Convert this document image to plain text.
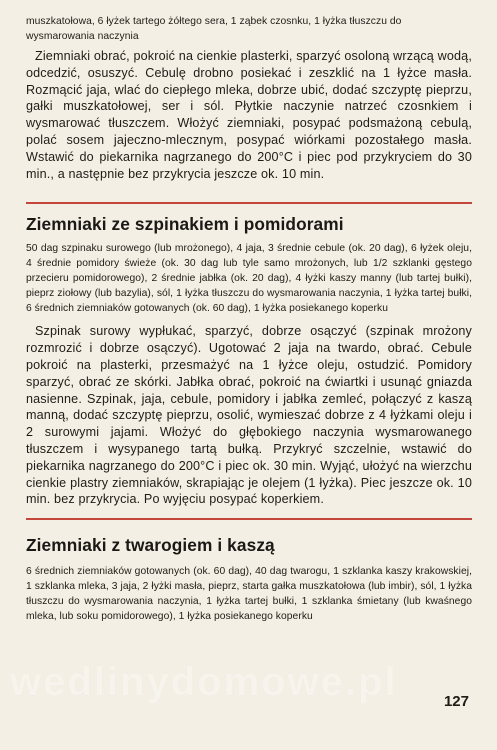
muszkatołowa, 6 łyżek tartego żółtego sera, 1 ząbek czosnku, 1 łyżka tłuszczu do wysmarowania naczynia

Ziemniaki obrać, pokroić na cienkie plasterki, sparzyć osoloną wrzącą wodą, odcedzić, osuszyć. Cebulę drobno posiekać i zeszklić na 1 łyżce masła. Rozmącić jaja, wlać do ciepłego mleka, dobrze ubić, dodać szczyptę pieprzu, gałki muszkatołowej, ser i sól. Płytkie naczynie natrzeć czosnkiem i wysmarować tłuszczem. Włożyć ziemniaki, posypać podsmażoną cebulą, polać sosem jajeczno-mlecznym, posypać wiórkami pozostałego masła. Wstawić do piekarnika nagrzanego do 200°C i piec pod przykryciem do 30 min., a następnie bez przykrycia jeszcze ok. 10 min.

Ziemniaki ze szpinakiem i pomidorami

50 dag szpinaku surowego (lub mrożonego), 4 jaja, 3 średnie cebule (ok. 20 dag), 6 łyżek oleju, 4 średnie pomidory świeże (ok. 30 dag lub tyle samo mrożonych, lub 1/2 szklanki gęstego przecieru pomidorowego), 2 średnie jabłka (ok. 20 dag), 4 łyżki kaszy manny (lub tartej bułki), pieprz ziołowy (lub bazylia), sól, 1 łyżka tłuszczu do wysmarowania naczynia, 1 łyżka tartej bułki, 6 średnich ziemniaków gotowanych (ok. 60 dag), 1 łyżka posiekanego koperku

Szpinak surowy wypłukać, sparzyć, dobrze osączyć (szpinak mrożony rozmrozić i dobrze osączyć). Ugotować 2 jaja na twardo, obrać. Cebule pokroić na plasterki, przesmażyć na 1 łyżce oleju, ostudzić. Pomidory sparzyć, obrać ze skórki. Jabłka obrać, pokroić na ćwiartki i usunąć gniazda nasienne. Szpinak, jaja, cebule, pomidory i jabłka zemleć, połączyć z kaszą manną, dodać szczyptę pieprzu, osolić, wymieszać dobrze z 4 łyżkami oleju i 2 surowymi jajami. Włożyć do głębokiego naczynia wysmarowanego tłuszczem i wysypanego tartą bułką. Przykryć szczelnie, wstawić do piekarnika nagrzanego do 200°C i piec ok. 30 min. Wyjąć, ułożyć na wierzchu cienkie plastry ziemniaków, skrapiając je olejem (1 łyżka). Piec jeszcze ok. 10 min. bez przykrycia. Po wyjęciu posypać koperkiem.

Ziemniaki z twarogiem i kaszą

6 średnich ziemniaków gotowanych (ok. 60 dag), 40 dag twarogu, 1 szklanka kaszy krakowskiej, 1 szklanka mleka, 3 jaja, 2 łyżki masła, pieprz, starta gałka muszkatołowa (lub imbir), sól, 1 łyżka tłuszczu do wysmarowania naczynia, 1 łyżka tartej bułki, 1 szklanka śmietany (lub kwaśnego mleka, lub soku pomidorowego), 1 łyżka posiekanego koperku

wedlinydomowe.pl	127
